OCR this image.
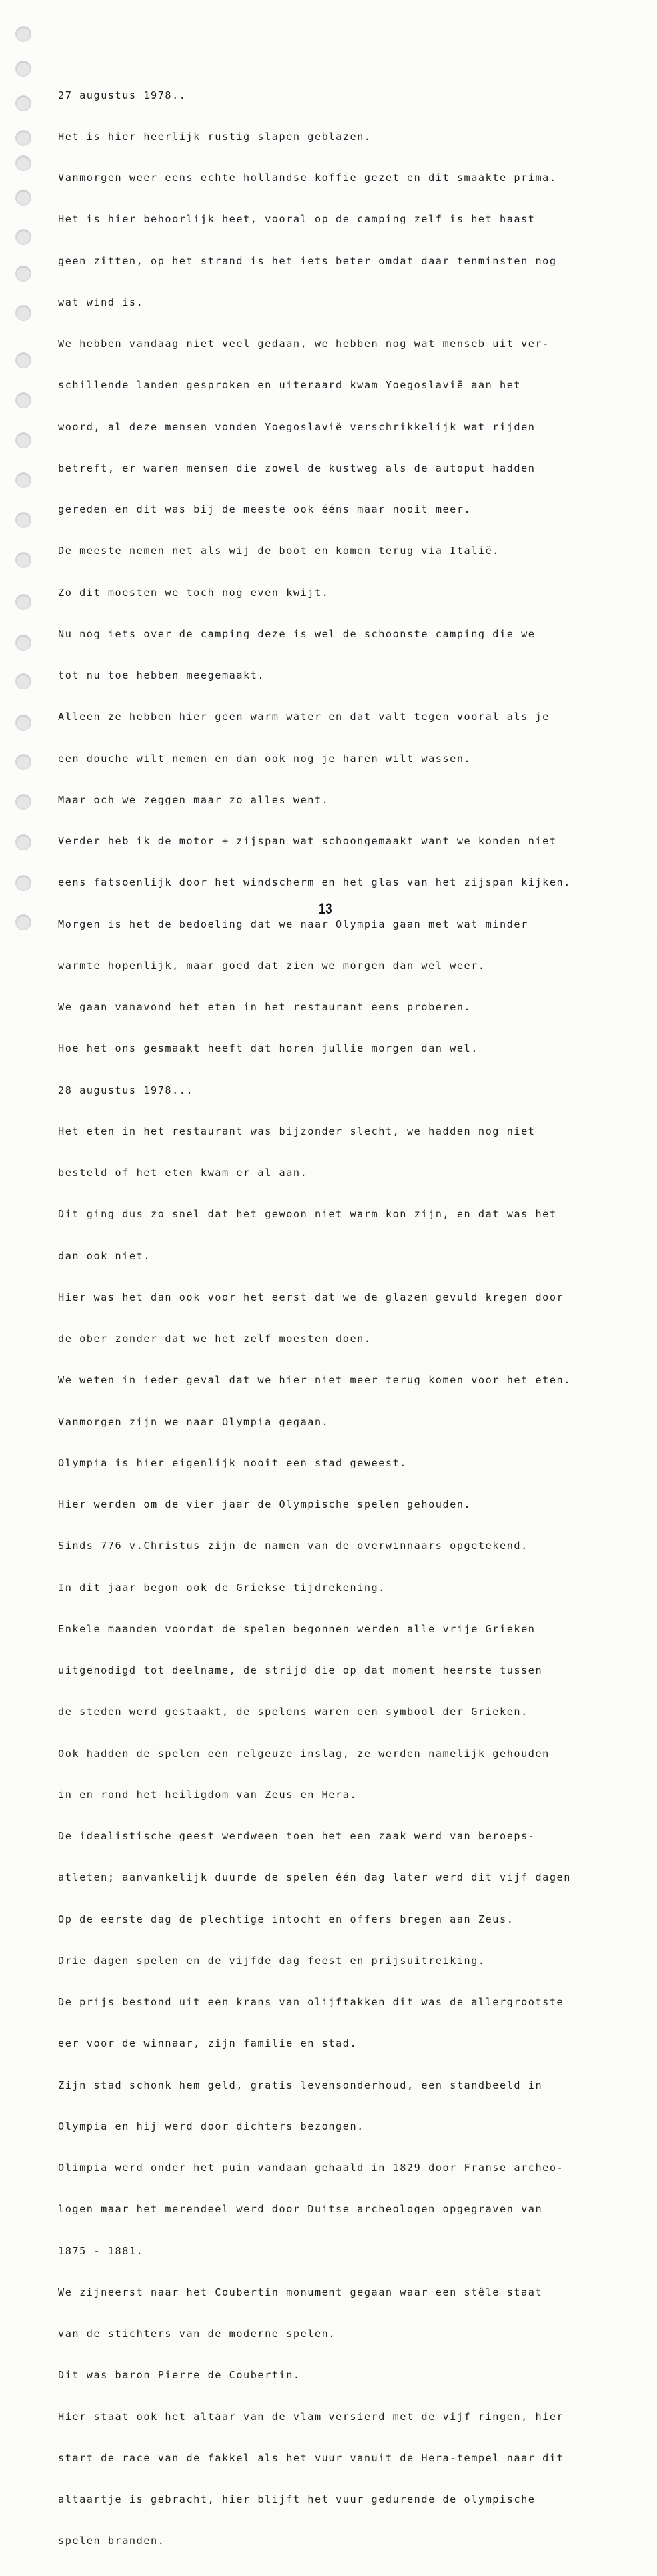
27 augustus 1978..

Het is hier heerlijk rustig slapen geblazen.

Vanmorgen weer eens echte hollandse koffie gezet en dit smaakte prima.

Het is hier behoorlijk heet, vooral op de camping zelf is het haast

geen zitten, op het strand is het iets beter omdat daar tenminsten nog

wat wind is.

We hebben vandaag niet veel gedaan, we hebben nog wat menseb uit ver-

schillende landen gesproken en uiteraard kwam Yoegoslavië aan het

woord, al deze mensen vonden Yoegoslavië verschrikkelijk wat rijden

betreft, er waren mensen die zowel de kustweg als de autoput hadden

gereden en dit was bij de meeste ook ééns maar nooit meer.

De meeste nemen net als wij de boot en komen terug via Italië.

Zo dit moesten we toch nog even kwijt.

Nu nog iets over de camping deze is wel de schoonste camping die we

tot nu toe hebben meegemaakt.

Alleen ze hebben hier geen warm water en dat valt tegen vooral als je

een douche wilt nemen en dan ook nog je haren wilt wassen.

Maar och we zeggen maar zo alles went.

Verder heb ik de motor + zijspan wat schoongemaakt want we konden niet

eens fatsoenlijk door het windscherm en het glas van het zijspan kijken.

Morgen is het de bedoeling dat we naar Olympia gaan met wat minder

warmte hopenlijk, maar goed dat zien we morgen dan wel weer.

We gaan vanavond het eten in het restaurant eens proberen.

Hoe het ons gesmaakt heeft dat horen jullie morgen dan wel.

28 augustus 1978...

Het eten in het restaurant was bijzonder slecht, we hadden nog niet

besteld of het eten kwam er al aan.

Dit ging dus zo snel dat het gewoon niet warm kon zijn, en dat was het

dan ook niet.

Hier was het dan ook voor het eerst dat we de glazen gevuld kregen door

de ober zonder dat we het zelf moesten doen.

We weten in ieder geval dat we hier niet meer terug komen voor het eten.

Vanmorgen zijn we naar Olympia gegaan.

Olympia is hier eigenlijk nooit een stad geweest.

Hier werden om de vier jaar de Olympische spelen gehouden.

Sinds 776 v.Christus zijn de namen van de overwinnaars opgetekend.

In dit jaar begon ook de Griekse tijdrekening.

Enkele maanden voordat de spelen begonnen werden alle vrije Grieken

uitgenodigd tot deelname, de strijd die op dat moment heerste tussen

de steden werd gestaakt, de spelens waren een symbool der Grieken.

Ook hadden de spelen een relgeuze inslag, ze werden namelijk gehouden

in en rond het heiligdom van Zeus en Hera.

De idealistische geest werdween toen het een zaak werd van beroeps-

atleten; aanvankelijk duurde de spelen één dag later werd dit vijf dagen

Op de eerste dag de plechtige intocht en offers bregen aan Zeus.

Drie dagen spelen en de vijfde dag feest en prijsuitreiking.

De prijs bestond uit een krans van olijftakken dit was de allergrootste

eer voor de winnaar, zijn familie en stad.

Zijn stad schonk hem geld, gratis levensonderhoud, een standbeeld in

Olympia en hij werd door dichters bezongen.

Olimpia werd onder het puin vandaan gehaald in 1829 door Franse archeo-

logen maar het merendeel werd door Duitse archeologen opgegraven van

1875 - 1881.

We zijneerst naar het Coubertin monument gegaan waar een stêle staat

van de stichters van de moderne spelen.

Dit was baron Pierre de Coubertin.

Hier staat ook het altaar van de vlam versierd met de vijf ringen, hier

start de race van de fakkel als het vuur vanuit de Hera-tempel naar dit

altaartje is gebracht, hier blijft het vuur gedurende de olympische

spelen branden.

13
